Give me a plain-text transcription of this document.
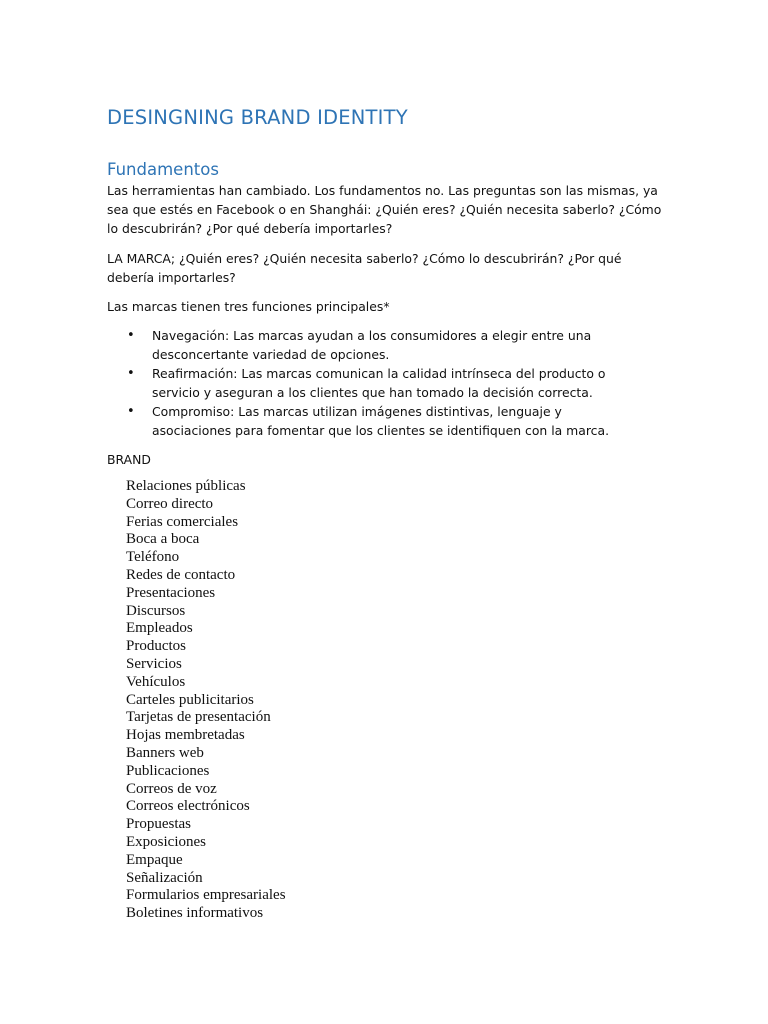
DESINGNING BRAND IDENTITY
Fundamentos

Las herramientas han cambiado. Los fundamentos no. Las preguntas son las mismas, ya sea que estés en Facebook o en Shanghái: ¿Quién eres? ¿Quién necesita saberlo? ¿Cómo lo descubrirán? ¿Por qué debería importarles?

LA MARCA; ¿Quién eres? ¿Quién necesita saberlo? ¿Cómo lo descubrirán? ¿Por qué debería importarles?

Las marcas tienen tres funciones principales*

• Navegación: Las marcas ayudan a los consumidores a elegir entre una desconcertante variedad de opciones.
• Reafirmación: Las marcas comunican la calidad intrínseca del producto o servicio y aseguran a los clientes que han tomado la decisión correcta.
• Compromiso: Las marcas utilizan imágenes distintivas, lenguaje y asociaciones para fomentar que los clientes se identifiquen con la marca.

BRAND

Relaciones públicas
Correo directo
Ferias comerciales
Boca a boca
Teléfono
Redes de contacto
Presentaciones
Discursos
Empleados
Productos
Servicios
Vehículos
Carteles publicitarios
Tarjetas de presentación
Hojas membretadas
Banners web
Publicaciones
Correos de voz
Correos electrónicos
Propuestas
Exposiciones
Empaque
Señalización
Formularios empresariales
Boletines informativos
